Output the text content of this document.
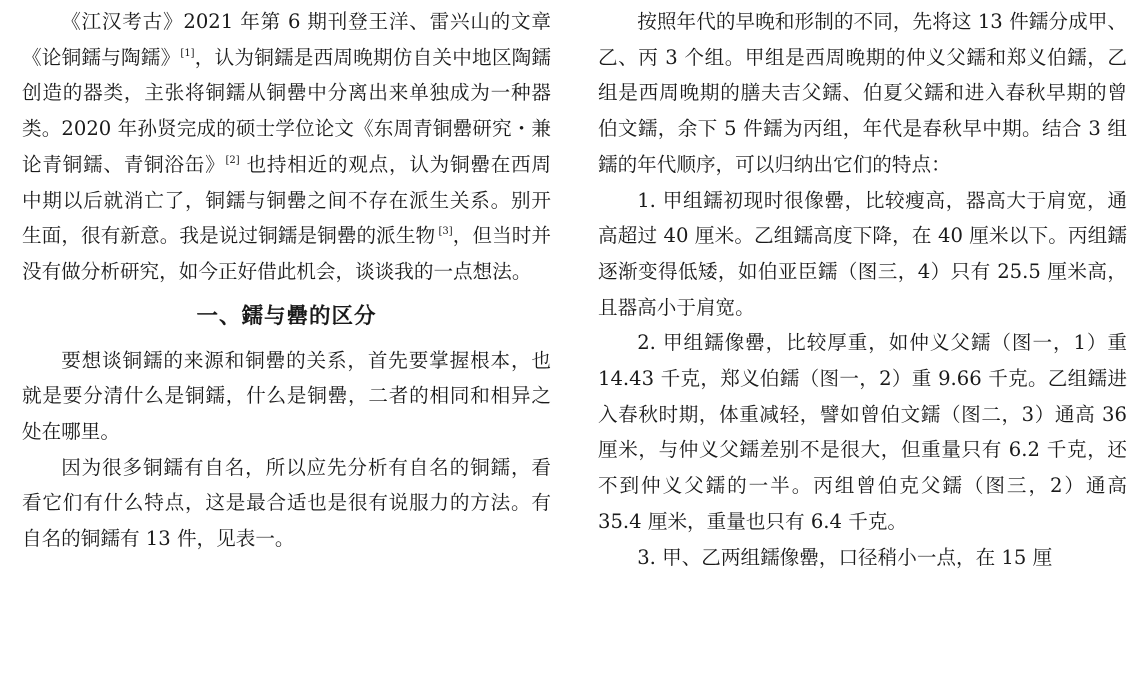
《江汉考古》2021 年第 6 期刊登王洋、雷兴山的文章《论铜鑐与陶鑐》[1]，认为铜鑐是西周晚期仿自关中地区陶鑐创造的器类，主张将铜鑐从铜罍中分离出来单独成为一种器类。2020 年孙贤完成的硕士学位论文《东周青铜罍研究・兼论青铜鑐、青铜浴缶》[2] 也持相近的观点，认为铜罍在西周中期以后就消亡了，铜鑐与铜罍之间不存在派生关系。别开生面，很有新意。我是说过铜鑐是铜罍的派生物 [3]，但当时并没有做分析研究，如今正好借此机会，谈谈我的一点想法。

一、鑐与罍的区分

要想谈铜鑐的来源和铜罍的关系，首先要掌握根本，也就是要分清什么是铜鑐，什么是铜罍，二者的相同和相异之处在哪里。

因为很多铜鑐有自名，所以应先分析有自名的铜鑐，看看它们有什么特点，这是最合适也是很有说服力的方法。有自名的铜鑐有 13 件，见表一。

按照年代的早晚和形制的不同，先将这 13 件鑐分成甲、乙、丙 3 个组。甲组是西周晚期的仲义父鑐和郑义伯鑐，乙组是西周晚期的膳夫吉父鑐、伯夏父鑐和进入春秋早期的曾伯文鑐，余下 5 件鑐为丙组，年代是春秋早中期。结合 3 组鑐的年代顺序，可以归纳出它们的特点：

1. 甲组鑐初现时很像罍，比较瘦高，器高大于肩宽，通高超过 40 厘米。乙组鑐高度下降，在 40 厘米以下。丙组鑐逐渐变得低矮，如伯亚臣鑐（图三，4）只有 25.5 厘米高，且器高小于肩宽。

2. 甲组鑐像罍，比较厚重，如仲义父鑐（图一，1）重 14.43 千克，郑义伯鑐（图一，2）重 9.66 千克。乙组鑐进入春秋时期，体重减轻，譬如曾伯文鑐（图二，3）通高 36 厘米，与仲义父鑐差别不是很大，但重量只有 6.2 千克，还不到仲义父鑐的一半。丙组曾伯克父鑐（图三，2）通高 35.4 厘米，重量也只有 6.4 千克。

3. 甲、乙两组鑐像罍，口径稍小一点，在 15 厘
